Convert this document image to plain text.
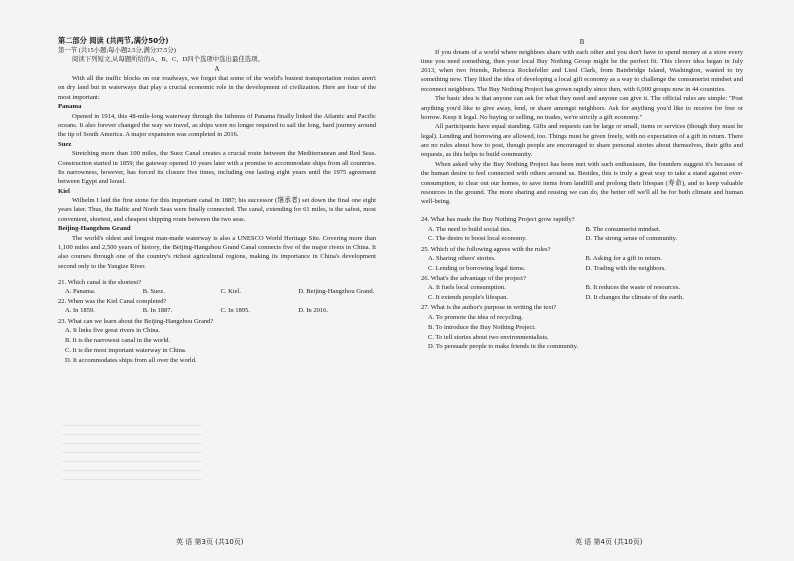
第二部分 阅读 (共两节,满分50分)
第一节 (共15小题;每小题2.5分,满分37.5分)
阅读下列短文,从每题所给的A、B、C、D四个选项中选出最佳选项。
A
With all the traffic blocks on our roadways, we forget that some of the world's busiest transportation routes aren't on dry land but in waterways that play a crucial economic role in the development of civilization. Here are four of the most important:
Panama
Opened in 1914, this 48-mile-long waterway through the Isthmus of Panama finally linked the Atlantic and Pacific oceans. It also forever changed the way we travel, as ships were no longer required to sail the long, hard journey around the tip of South America. A major expansion was completed in 2016.
Suez
Stretching more than 100 miles, the Suez Canal creates a crucial route between the Mediterranean and Red Seas. Construction started in 1859; the gateway opened 10 years later with a promise to accommodate ships from all countries. Its narrowness, however, has forced its closure five times, including one lasting eight years until the 1975 agreement between Egypt and Israel.
Kiel
Wilhelm I laid the first stone for this important canal in 1887; his successor (继承者) set down the final one eight years later. Thus, the Baltic and North Seas were finally connected. The canal, extending for 61 miles, is the safest, most convenient, shortest, and cheapest shipping route between the two seas.
Beijing-Hangzhou Grand
The world's oldest and longest man-made waterway is also a UNESCO World Heritage Site. Covering more than 1,100 miles and 2,500 years of history, the Beijing-Hangzhou Grand Canal connects five of the major rivers in China. It also courses through one of the country's richest agricultural regions, making its importance in China's development second only to the Yangtze River.
21. Which canal is the shortest?
A. Panama.	B. Suez.	C. Kiel.	D. Beijing-Hangzhou Grand.
22. When was the Kiel Canal completed?
A. In 1859.	B. In 1887.	C. In 1895.	D. In 2016.
23. What can we learn about the Beijing-Hangzhou Grand?
A. It links five great rivers in China.
B. It is the narrowest canal in the world.
C. It is the most important waterway in China.
D. It accommodates ships from all over the world.
英 语 第3页 (共10页)
B
If you dream of a world where neighbors share with each other and you don't have to spend money at a store every time you need something, then your local Buy Nothing Group might be the perfect fit. This clever idea began in July 2013, when two friends, Rebecca Rockefeller and Liesl Clark, from Bainbridge Island, Washington, wanted to try something new. They liked the idea of developing a local gift economy as a way to challenge the consumerist mindset and reconnect neighbors. The Buy Nothing Project has grown rapidly since then, with 6,000 groups now in 44 countries.
The basic idea is that anyone can ask for what they need and anyone can give it. The official rules are simple: "Post anything you'd like to give away, lend, or share amongst neighbors. Ask for anything you'd like to receive for free or borrow. Keep it legal. No buying or selling, no trades, we're strictly a gift economy."
All participants have equal standing. Gifts and requests can be large or small, items or services (though they must be legal). Lending and borrowing are allowed, too. Things must be given freely, with no expectation of a gift in return. There are no rules about how to post, though people are encouraged to share personal stories about themselves, their gifts and requests, as this helps to build community.
When asked why the Buy Nothing Project has been met with such enthusiasm, the founders suggest it's because of the human desire to feel connected with others around us. Besides, this is truly a great way to take a stand against over-consumption, to clear out our homes, to save items from landfill and prolong their lifespan (寿命), and to keep valuable resources in the ground. The more sharing and reusing we can do, the better off we'll all be for both climate and human well-being.
24. What has made the Buy Nothing Project grow rapidly?
A. The need to build social ties.	B. The consumerist mindset.
C. The desire to boost local economy.	D. The strong sense of community.
25. Which of the following agrees with the rules?
A. Sharing others' stories.	B. Asking for a gift in return.
C. Lending or borrowing legal items.	D. Trading with the neighbors.
26. What's the advantage of the project?
A. It fuels local consumption.	B. It reduces the waste of resources.
C. It extends people's lifespan.	D. It changes the climate of the earth.
27. What is the author's purpose in writing the text?
A. To promote the idea of recycling.
B. To introduce the Buy Nothing Project.
C. To tell stories about two environmentalists.
D. To persuade people to make friends in the community.
英 语 第4页 (共10页)
